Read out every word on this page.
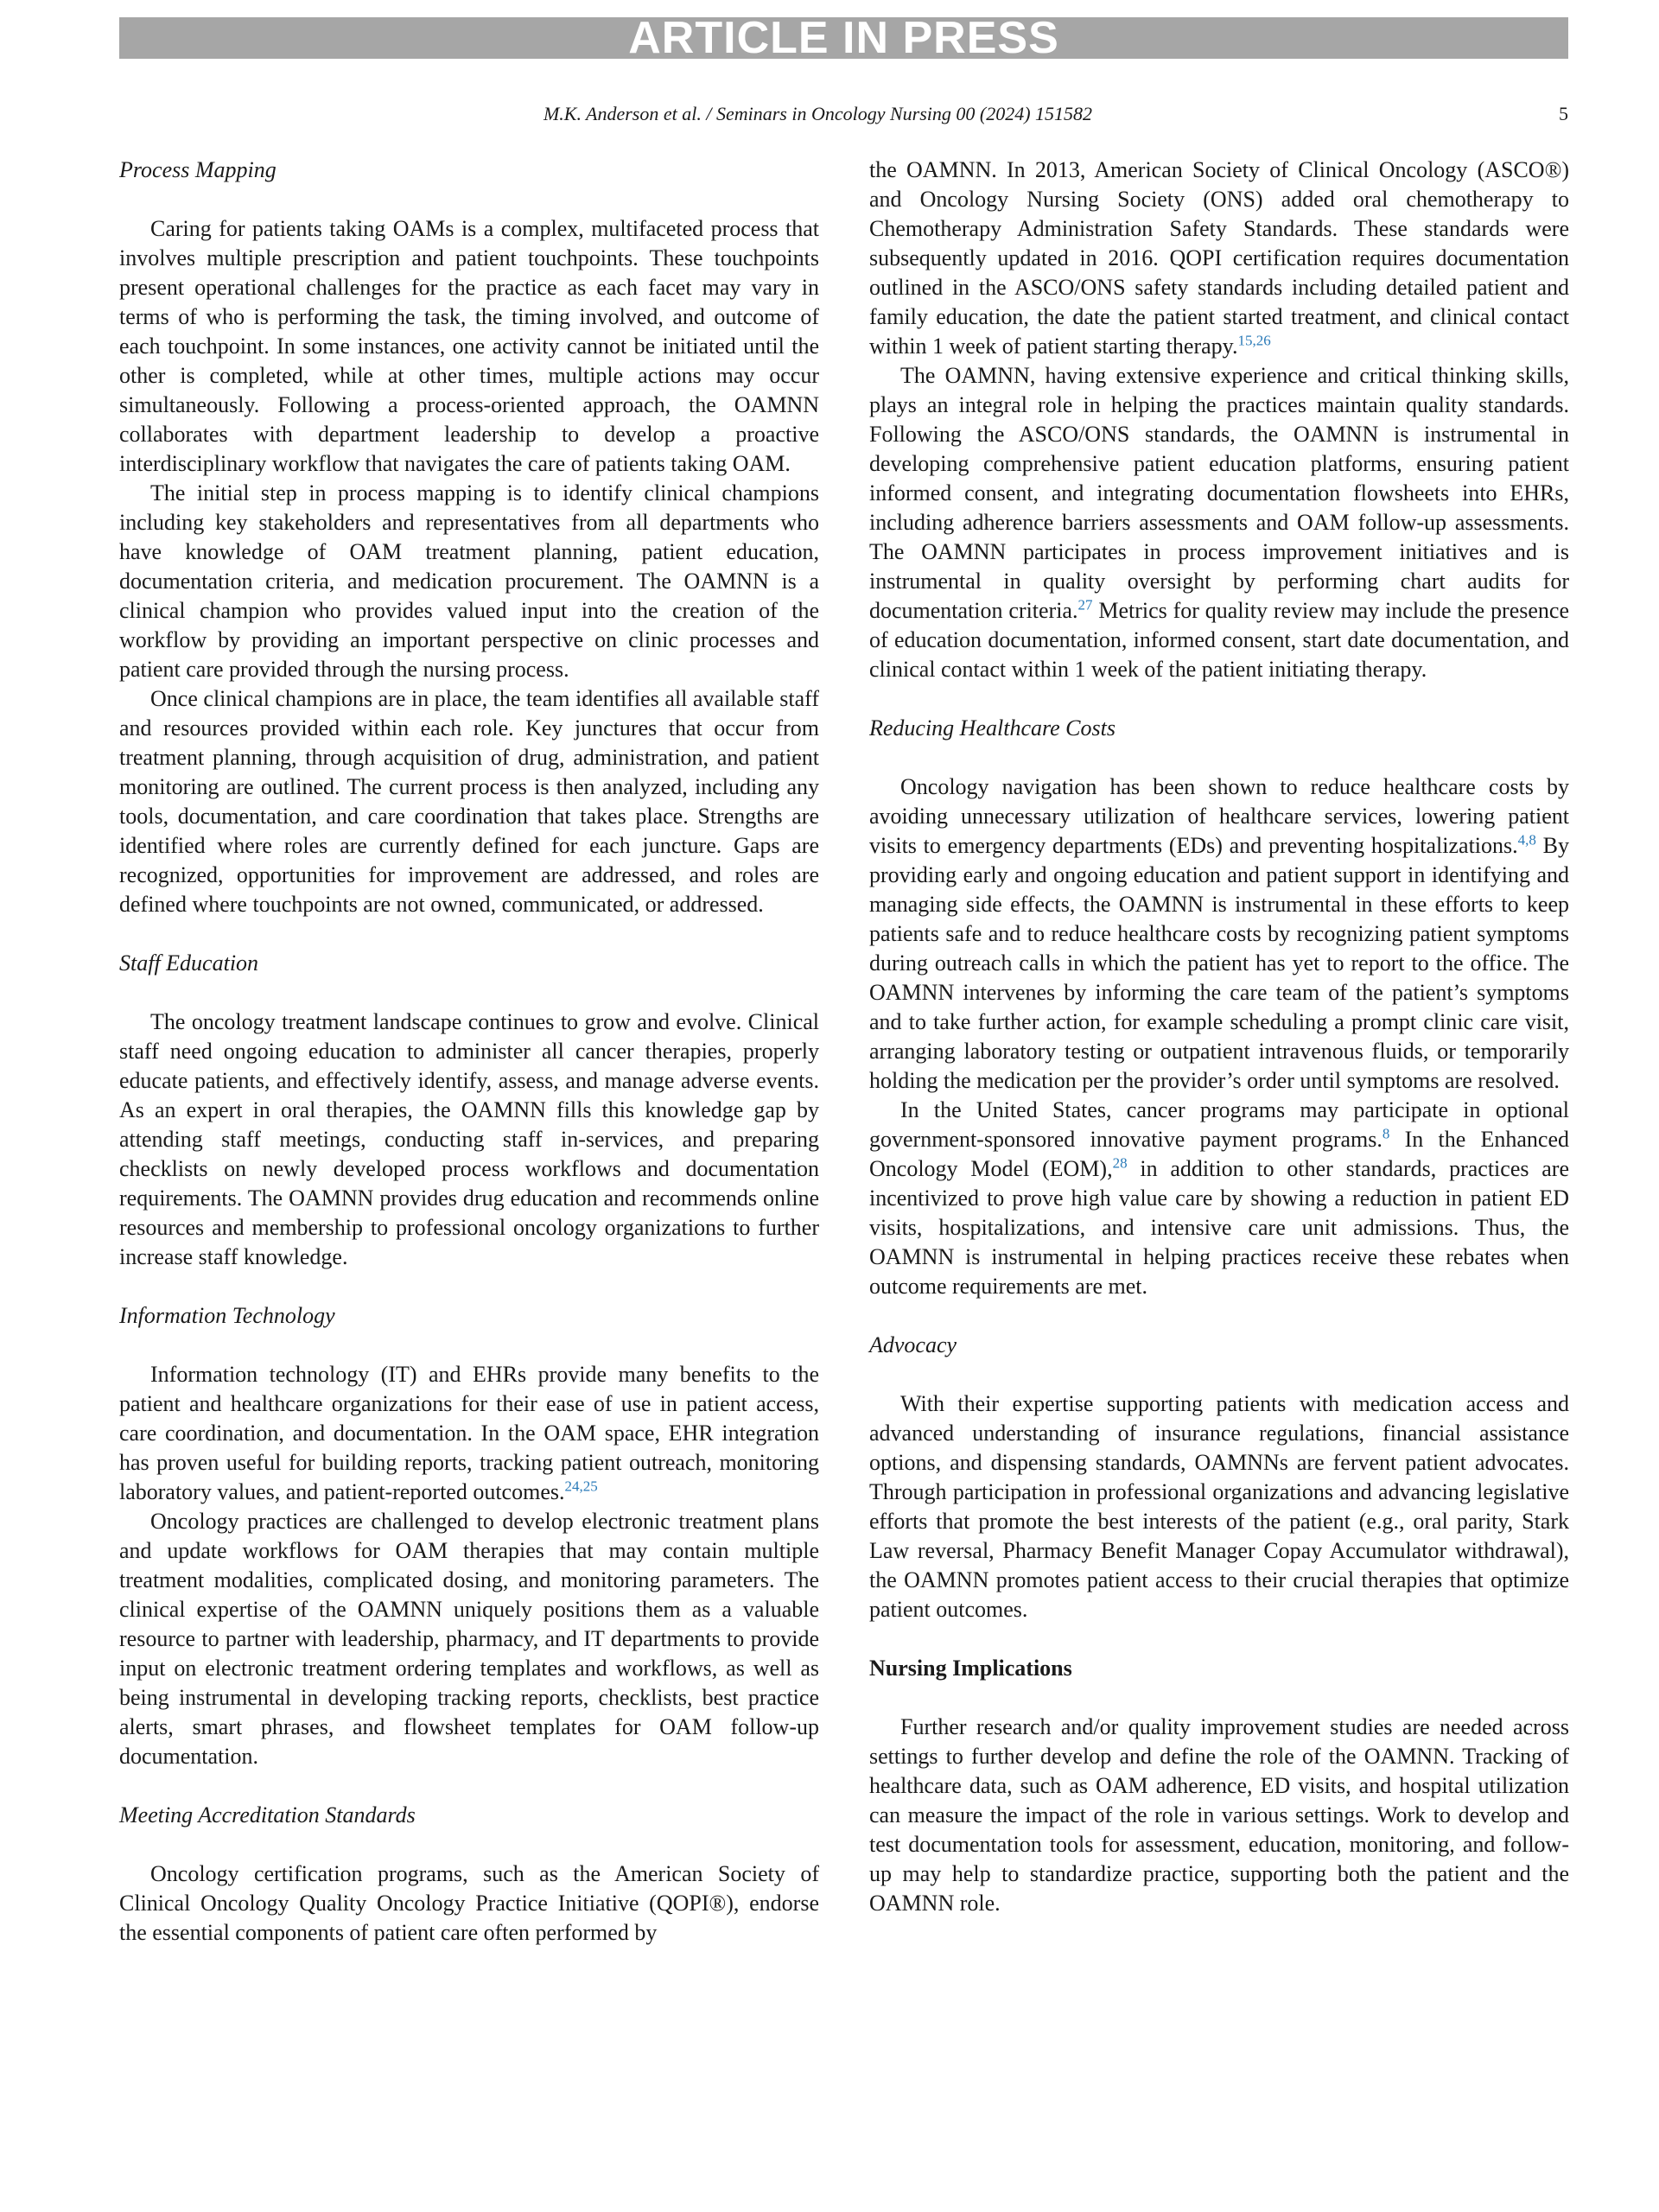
ARTICLE IN PRESS
M.K. Anderson et al. / Seminars in Oncology Nursing 00 (2024) 151582	5
Process Mapping

Caring for patients taking OAMs is a complex, multifaceted process that involves multiple prescription and patient touchpoints. These touchpoints present operational challenges for the practice as each facet may vary in terms of who is performing the task, the timing involved, and outcome of each touchpoint. In some instances, one activity cannot be initiated until the other is completed, while at other times, multiple actions may occur simultaneously. Following a process-oriented approach, the OAMNN collaborates with department leadership to develop a proactive interdisciplinary workflow that navigates the care of patients taking OAM.

The initial step in process mapping is to identify clinical champions including key stakeholders and representatives from all departments who have knowledge of OAM treatment planning, patient education, documentation criteria, and medication procurement. The OAMNN is a clinical champion who provides valued input into the creation of the workflow by providing an important perspective on clinic processes and patient care provided through the nursing process.

Once clinical champions are in place, the team identifies all available staff and resources provided within each role. Key junctures that occur from treatment planning, through acquisition of drug, administration, and patient monitoring are outlined. The current process is then analyzed, including any tools, documentation, and care coordination that takes place. Strengths are identified where roles are currently defined for each juncture. Gaps are recognized, opportunities for improvement are addressed, and roles are defined where touchpoints are not owned, communicated, or addressed.

Staff Education

The oncology treatment landscape continues to grow and evolve. Clinical staff need ongoing education to administer all cancer therapies, properly educate patients, and effectively identify, assess, and manage adverse events. As an expert in oral therapies, the OAMNN fills this knowledge gap by attending staff meetings, conducting staff in-services, and preparing checklists on newly developed process workflows and documentation requirements. The OAMNN provides drug education and recommends online resources and membership to professional oncology organizations to further increase staff knowledge.

Information Technology

Information technology (IT) and EHRs provide many benefits to the patient and healthcare organizations for their ease of use in patient access, care coordination, and documentation. In the OAM space, EHR integration has proven useful for building reports, tracking patient outreach, monitoring laboratory values, and patient-reported outcomes.$^{24,25}$

Oncology practices are challenged to develop electronic treatment plans and update workflows for OAM therapies that may contain multiple treatment modalities, complicated dosing, and monitoring parameters. The clinical expertise of the OAMNN uniquely positions them as a valuable resource to partner with leadership, pharmacy, and IT departments to provide input on electronic treatment ordering templates and workflows, as well as being instrumental in developing tracking reports, checklists, best practice alerts, smart phrases, and flowsheet templates for OAM follow-up documentation.

Meeting Accreditation Standards

Oncology certification programs, such as the American Society of Clinical Oncology Quality Oncology Practice Initiative (QOPI®), endorse the essential components of patient care often performed by

the OAMNN. In 2013, American Society of Clinical Oncology (ASCO®) and Oncology Nursing Society (ONS) added oral chemotherapy to Chemotherapy Administration Safety Standards. These standards were subsequently updated in 2016. QOPI certification requires documentation outlined in the ASCO/ONS safety standards including detailed patient and family education, the date the patient started treatment, and clinical contact within 1 week of patient starting therapy.$^{15,26}$

The OAMNN, having extensive experience and critical thinking skills, plays an integral role in helping the practices maintain quality standards. Following the ASCO/ONS standards, the OAMNN is instrumental in developing comprehensive patient education platforms, ensuring patient informed consent, and integrating documentation flowsheets into EHRs, including adherence barriers assessments and OAM follow-up assessments. The OAMNN participates in process improvement initiatives and is instrumental in quality oversight by performing chart audits for documentation criteria.$^{27}$ Metrics for quality review may include the presence of education documentation, informed consent, start date documentation, and clinical contact within 1 week of the patient initiating therapy.

Reducing Healthcare Costs

Oncology navigation has been shown to reduce healthcare costs by avoiding unnecessary utilization of healthcare services, lowering patient visits to emergency departments (EDs) and preventing hospitalizations.$^{4,8}$ By providing early and ongoing education and patient support in identifying and managing side effects, the OAMNN is instrumental in these efforts to keep patients safe and to reduce healthcare costs by recognizing patient symptoms during outreach calls in which the patient has yet to report to the office. The OAMNN intervenes by informing the care team of the patient’s symptoms and to take further action, for example scheduling a prompt clinic care visit, arranging laboratory testing or outpatient intravenous fluids, or temporarily holding the medication per the provider’s order until symptoms are resolved.

In the United States, cancer programs may participate in optional government-sponsored innovative payment programs.$^8$ In the Enhanced Oncology Model (EOM),$^{28}$ in addition to other standards, practices are incentivized to prove high value care by showing a reduction in patient ED visits, hospitalizations, and intensive care unit admissions. Thus, the OAMNN is instrumental in helping practices receive these rebates when outcome requirements are met.

Advocacy

With their expertise supporting patients with medication access and advanced understanding of insurance regulations, financial assistance options, and dispensing standards, OAMNNs are fervent patient advocates. Through participation in professional organizations and advancing legislative efforts that promote the best interests of the patient (e.g., oral parity, Stark Law reversal, Pharmacy Benefit Manager Copay Accumulator withdrawal), the OAMNN promotes patient access to their crucial therapies that optimize patient outcomes.

Nursing Implications

Further research and/or quality improvement studies are needed across settings to further develop and define the role of the OAMNN. Tracking of healthcare data, such as OAM adherence, ED visits, and hospital utilization can measure the impact of the role in various settings. Work to develop and test documentation tools for assessment, education, monitoring, and follow-up may help to standardize practice, supporting both the patient and the OAMNN role.
